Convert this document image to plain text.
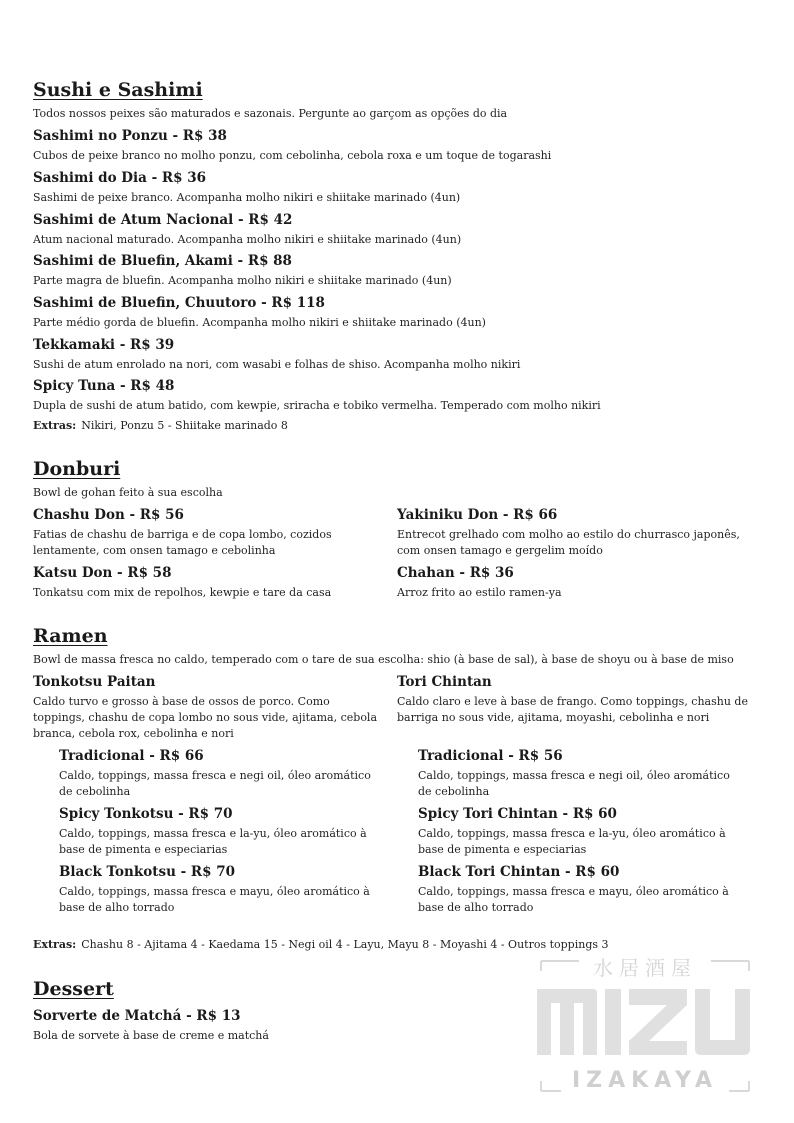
Sushi e Sashimi

Todos nossos peixes são maturados e sazonais. Pergunte ao garçom as opções do dia

Sashimi no Ponzu - R$ 38

Cubos de peixe branco no molho ponzu, com cebolinha, cebola roxa e um toque de togarashi

Sashimi do Dia - R$ 36

Sashimi de peixe branco. Acompanha molho nikiri e shiitake marinado (4un)

Sashimi de Atum Nacional - R$ 42

Atum nacional maturado. Acompanha molho nikiri e shiitake marinado (4un)

Sashimi de Bluefin, Akami - R$ 88

Parte magra de bluefin. Acompanha molho nikiri e shiitake marinado (4un)

Sashimi de Bluefin, Chuutoro - R$ 118

Parte médio gorda de bluefin. Acompanha molho nikiri e shiitake marinado (4un)

Tekkamaki - R$ 39

Sushi de atum enrolado na nori, com wasabi e folhas de shiso. Acompanha molho nikiri

Spicy Tuna - R$ 48

Dupla de sushi de atum batido, com kewpie, sriracha e tobiko vermelha. Temperado com molho nikiri

Extras: Nikiri, Ponzu 5 - Shiitake marinado 8

Donburi

Bowl de gohan feito à sua escolha

Chashu Don - R$ 56

Fatias de chashu de barriga e de copa lombo, cozidos lentamente, com onsen tamago e cebolinha

Yakiniku Don - R$ 66

Entrecot grelhado com molho ao estilo do churrasco japonês, com onsen tamago e gergelim moído

Katsu Don - R$ 58

Tonkatsu com mix de repolhos, kewpie e tare da casa

Chahan - R$ 36

Arroz frito ao estilo ramen-ya

Ramen

Bowl de massa fresca no caldo, temperado com o tare de sua escolha: shio (à base de sal), à base de shoyu ou à base de miso

Tonkotsu Paitan

Caldo turvo e grosso à base de ossos de porco. Como toppings, chashu de copa lombo no sous vide, ajitama, cebola branca, cebola rox, cebolinha e nori

Tori Chintan

Caldo claro e leve à base de frango. Como toppings, chashu de barriga no sous vide, ajitama, moyashi, cebolinha e nori

Tradicional - R$ 66

Caldo, toppings, massa fresca e negi oil, óleo aromático de cebolinha

Spicy Tonkotsu - R$ 70

Caldo, toppings, massa fresca e la-yu, óleo aromático à base de pimenta e especiarias

Black Tonkotsu - R$ 70

Caldo, toppings, massa fresca e mayu, óleo aromático à base de alho torrado

Tradicional - R$ 56

Caldo, toppings, massa fresca e negi oil, óleo aromático de cebolinha

Spicy Tori Chintan - R$ 60

Caldo, toppings, massa fresca e la-yu, óleo aromático à base de pimenta e especiarias

Black Tori Chintan - R$ 60

Caldo, toppings, massa fresca e mayu, óleo aromático à base de alho torrado

Extras: Chashu 8 - Ajitama 4 - Kaedama 15 - Negi oil 4 - Layu, Mayu 8 - Moyashi 4 - Outros toppings 3

Dessert

Sorverte de Matchá - R$ 13

Bola de sorvete à base de creme e matchá

水居酒屋
IZAKAYA
